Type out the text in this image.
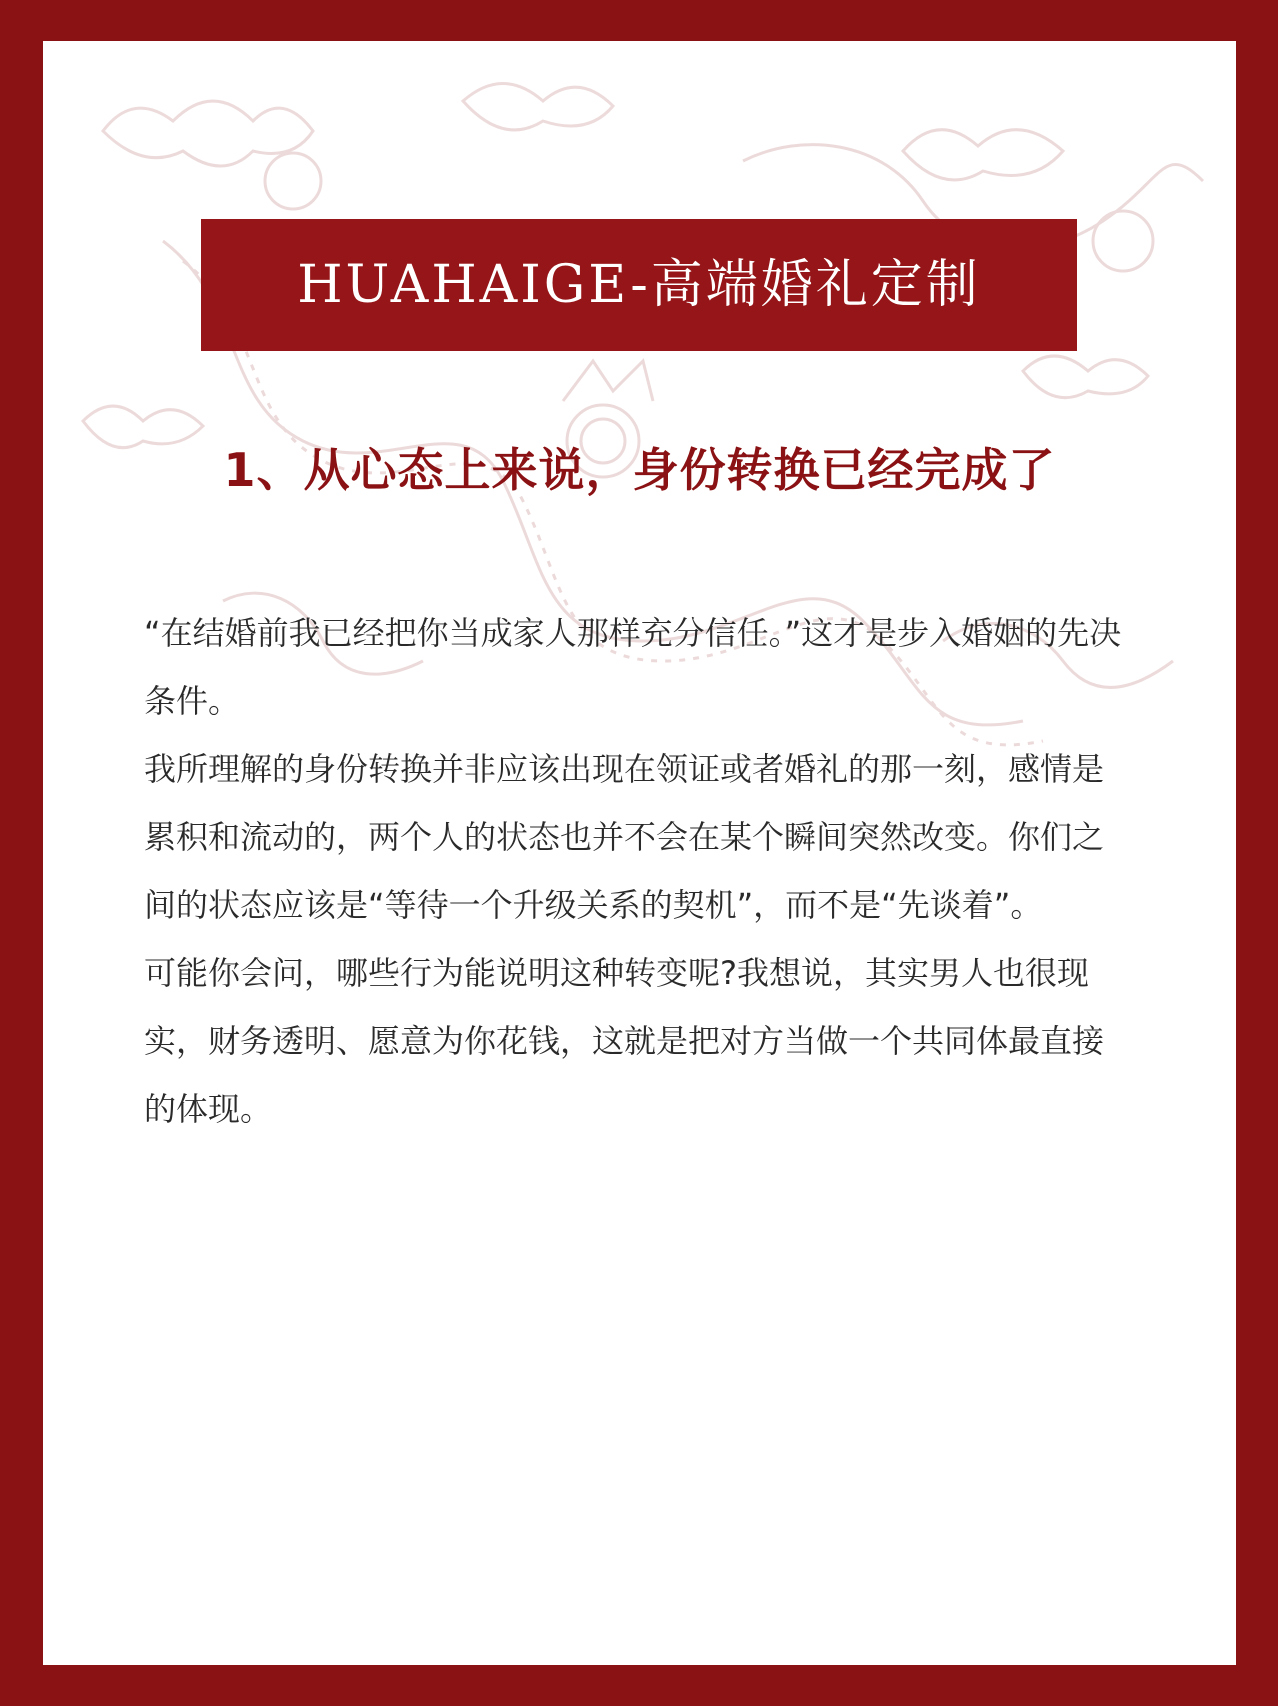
HUAHAIGE-高端婚礼定制
1、从心态上来说，身份转换已经完成了

“在结婚前我已经把你当成家人那样充分信任。”这才是步入婚姻的先决条件。

我所理解的身份转换并非应该出现在领证或者婚礼的那一刻，感情是累积和流动的，两个人的状态也并不会在某个瞬间突然改变。你们之间的状态应该是“等待一个升级关系的契机”，而不是“先谈着”。

可能你会问，哪些行为能说明这种转变呢?我想说，其实男人也很现实，财务透明、愿意为你花钱，这就是把对方当做一个共同体最直接的体现。
